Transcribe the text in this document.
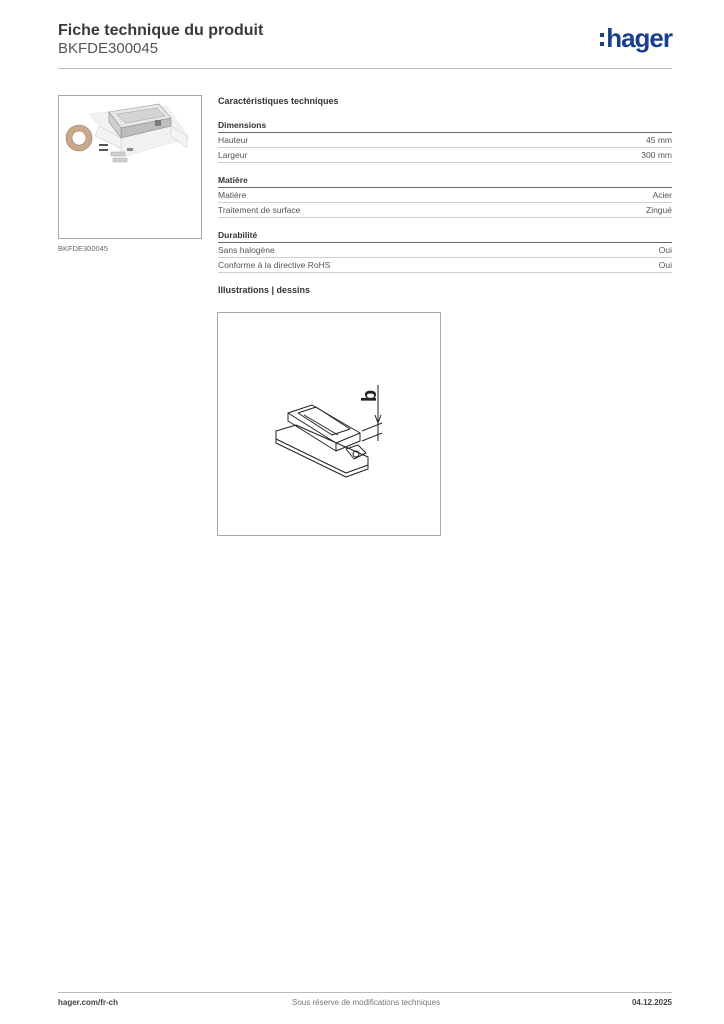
Fiche technique du produit
BKFDE300045	hager
BKFDE300045
Caractéristiques techniques
Dimensions
Hauteur	45 mm
Largeur	300 mm
Matière
Matière	Acier
Traitement de surface	Zingué
Durabilité
Sans halogène	Oui
Conforme à la directive RoHS	Oui
Illustrations | dessins
b
hager.com/fr-ch	Sous réserve de modifications techniques	04.12.2025
